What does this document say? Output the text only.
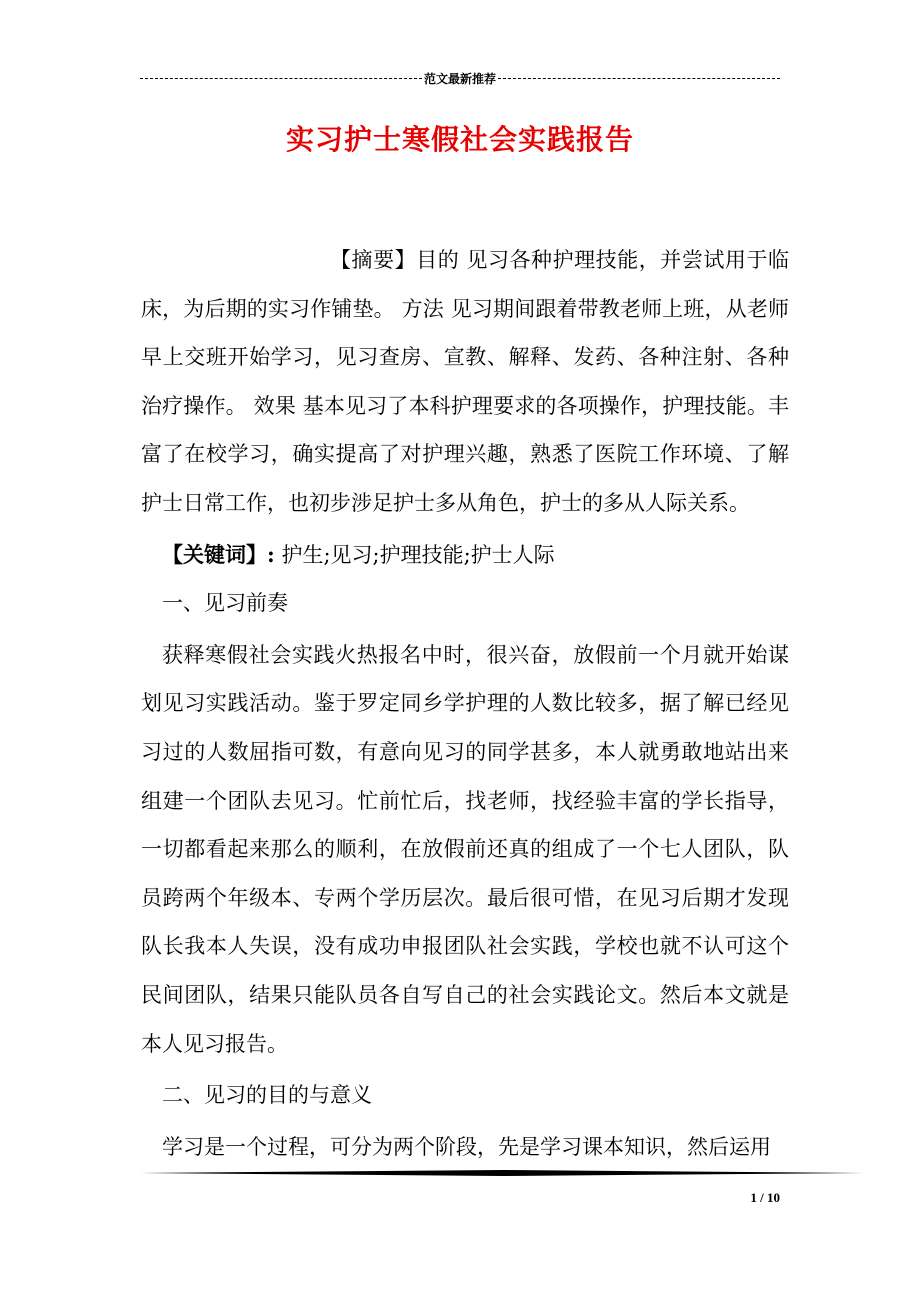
范文最新推荐
实习护士寒假社会实践报告

【摘要】目的 见习各种护理技能，并尝试用于临床，为后期的实习作铺垫。 方法 见习期间跟着带教老师上班，从老师早上交班开始学习，见习查房、宣教、解释、发药、各种注射、各种治疗操作。 效果 基本见习了本科护理要求的各项操作，护理技能。丰富了在校学习，确实提高了对护理兴趣，熟悉了医院工作环境、了解护士日常工作，也初步涉足护士多从角色，护士的多从人际关系。

【关键词】: 护生;见习;护理技能;护士人际

一、见习前奏

获释寒假社会实践火热报名中时，很兴奋，放假前一个月就开始谋划见习实践活动。鉴于罗定同乡学护理的人数比较多，据了解已经见习过的人数屈指可数，有意向见习的同学甚多，本人就勇敢地站出来组建一个团队去见习。忙前忙后，找老师，找经验丰富的学长指导，一切都看起来那么的顺利，在放假前还真的组成了一个七人团队，队员跨两个年级本、专两个学历层次。最后很可惜，在见习后期才发现队长我本人失误，没有成功申报团队社会实践，学校也就不认可这个民间团队，结果只能队员各自写自己的社会实践论文。然后本文就是本人见习报告。

二、见习的目的与意义

学习是一个过程，可分为两个阶段，先是学习课本知识，然后运用

1 / 10
